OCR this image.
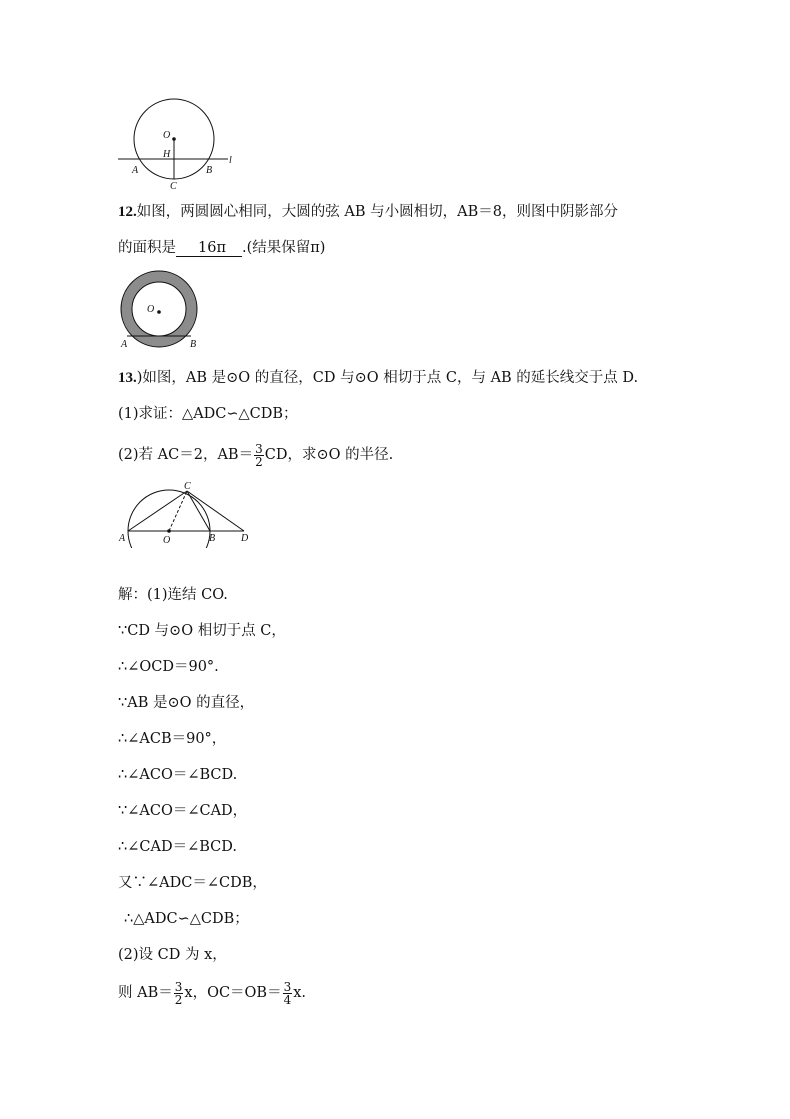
O
H
A	B
C
l
12.如图，两圆圆心相同，大圆的弦 AB 与小圆相切，AB＝8，则图中阴影部分
的面积是 16π .(结果保留π)
O
A	B
13.)如图，AB 是⊙O 的直径，CD 与⊙O 相切于点 C，与 AB 的延长线交于点 D.
(1)求证：△ADC∽△CDB；
(2)若 AC＝2，$AB= \frac{3}{2}$ CD，求⊙O 的半径.
C
A	O	B	D
解：(1)连结 CO.
∵CD 与⊙O 相切于点 C，
∴∠OCD＝90°.
∵AB 是⊙O 的直径，
∴∠ACB＝90°，
∴∠ACO＝∠BCD.
∵∠ACO＝∠CAD，
∴∠CAD＝∠BCD.
又∵∠ADC＝∠CDB，
∴△ADC∽△CDB；
(2)设 CD 为 x，
则 $AB= \frac{3}{2}$ x，$OC=OB= \frac{3}{4} x$.
